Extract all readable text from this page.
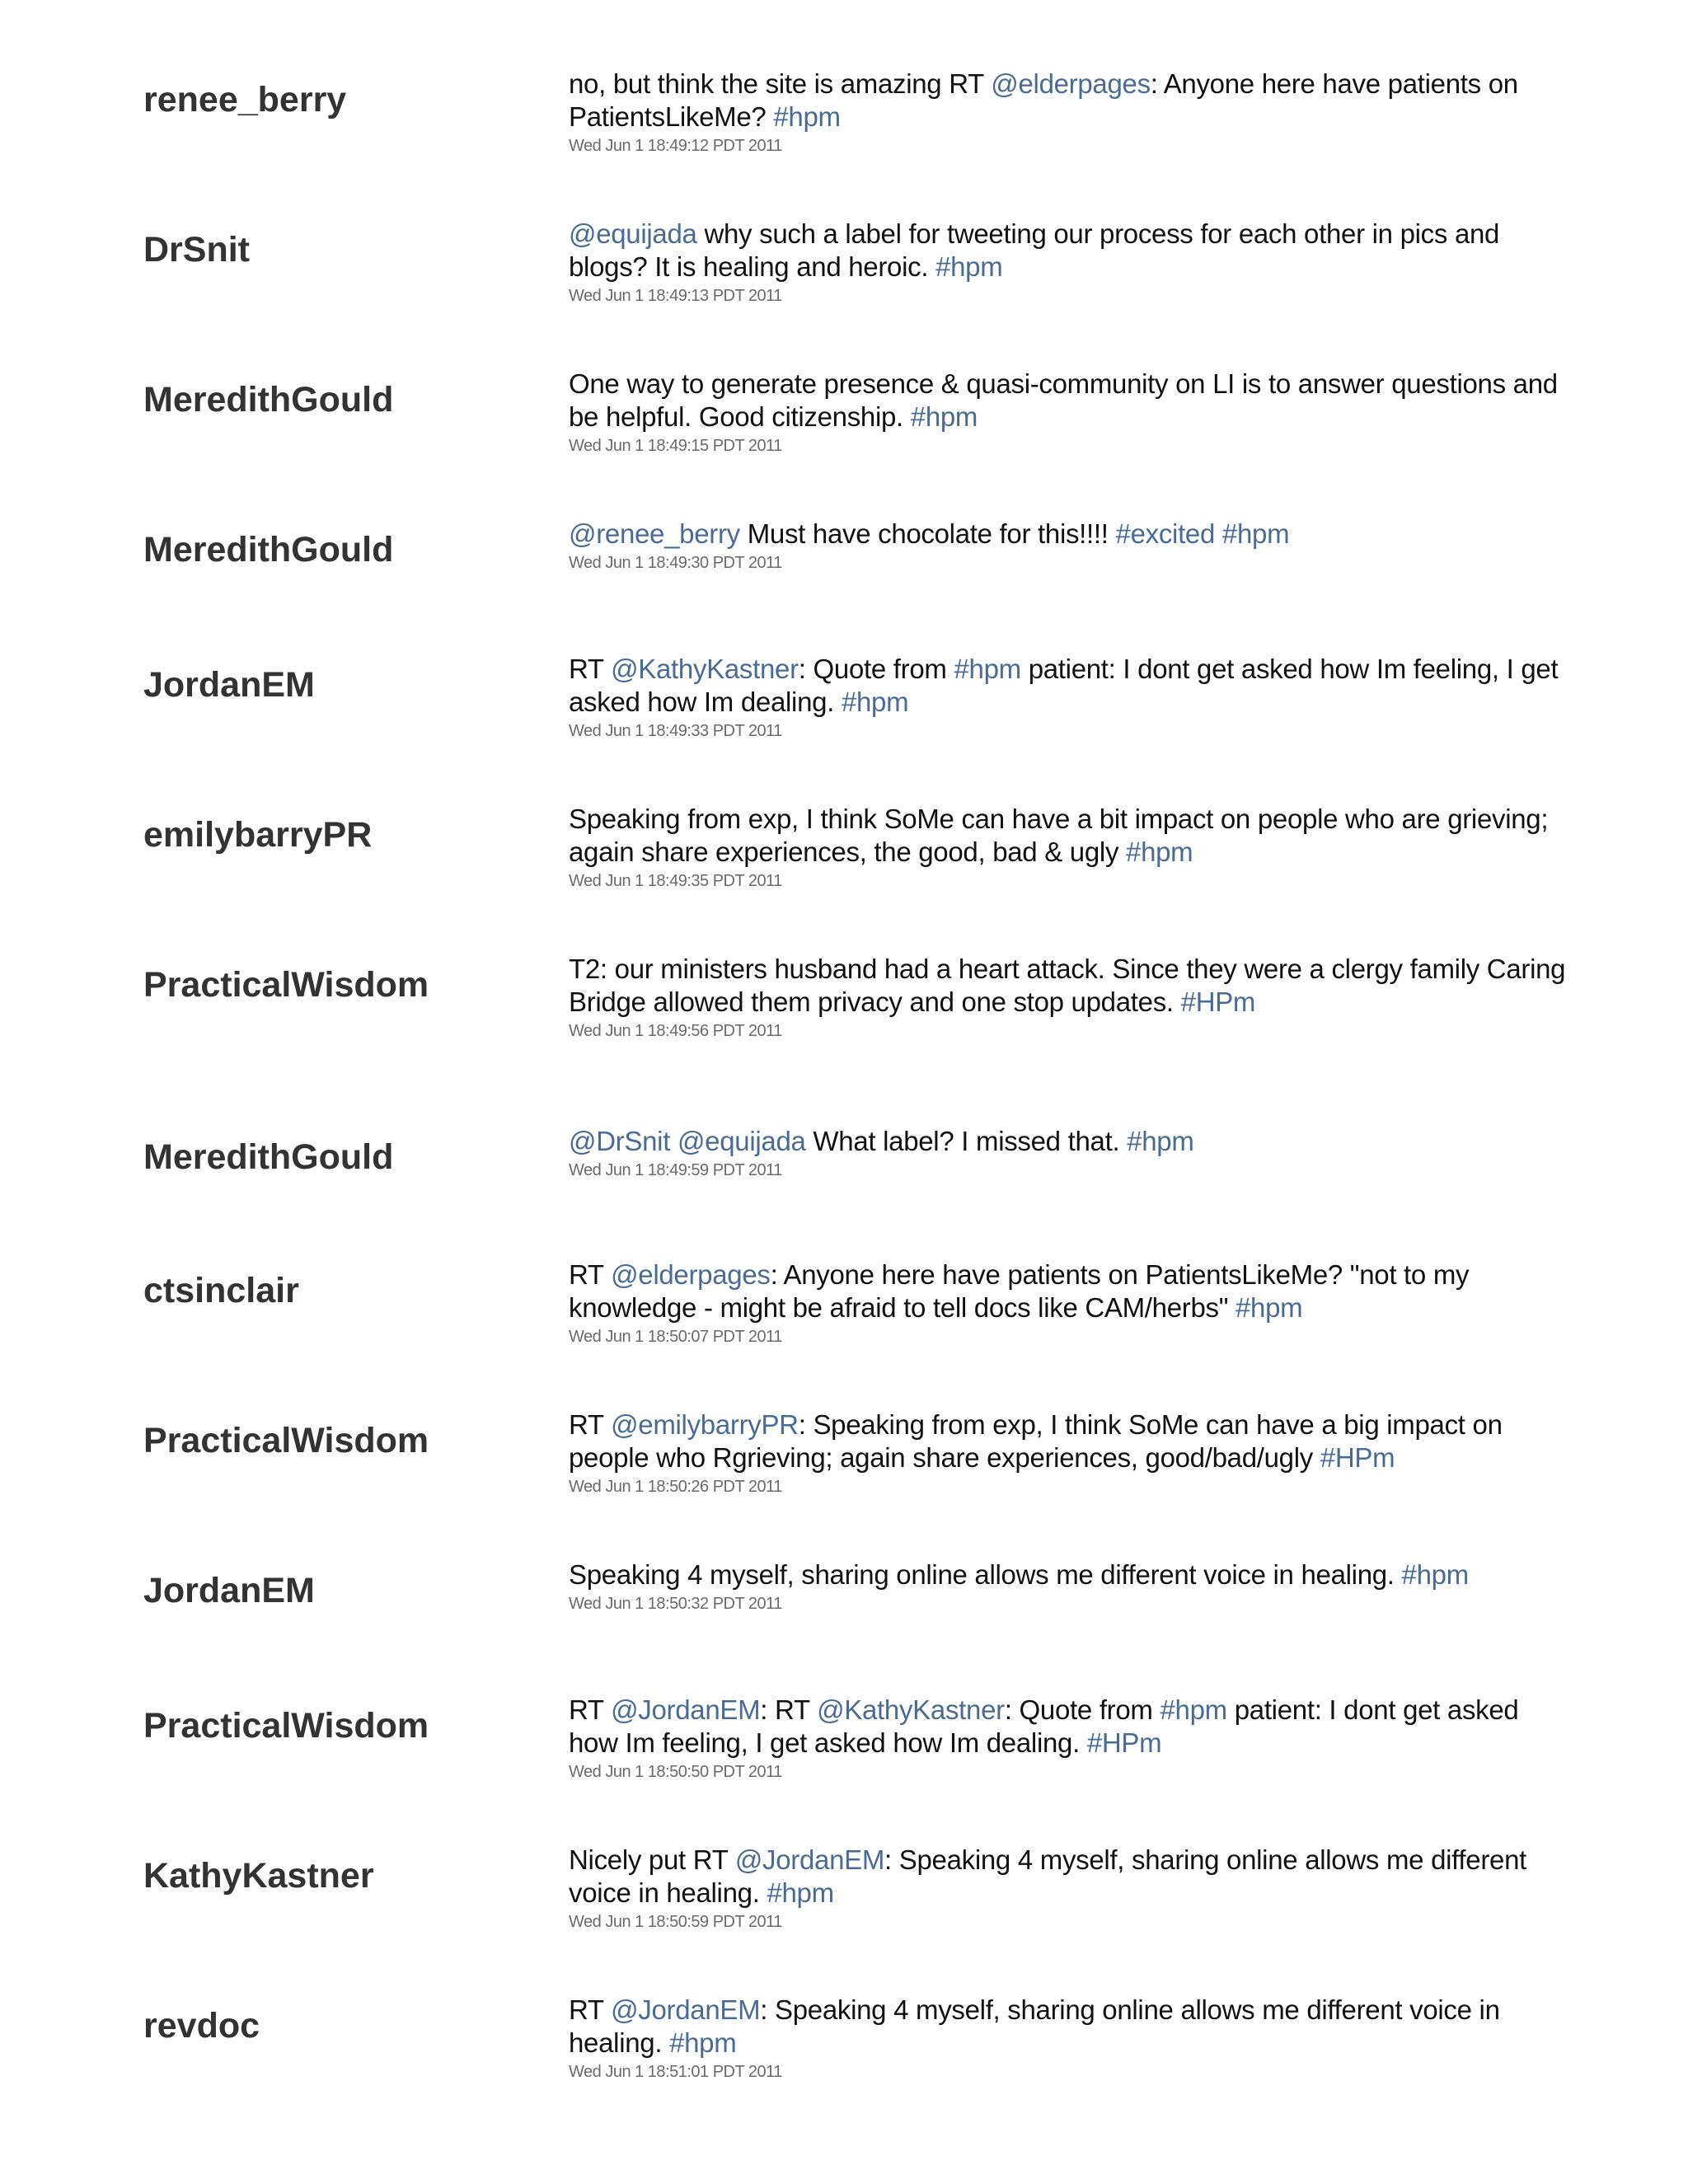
renee_berry	no, but think the site is amazing RT @elderpages: Anyone here have patients on PatientsLikeMe? #hpm
Wed Jun 1 18:49:12 PDT 2011
DrSnit	@equijada why such a label for tweeting our process for each other in pics and blogs? It is healing and heroic. #hpm
Wed Jun 1 18:49:13 PDT 2011
MeredithGould	One way to generate presence & quasi-community on LI is to answer questions and be helpful. Good citizenship. #hpm
Wed Jun 1 18:49:15 PDT 2011
MeredithGould	@renee_berry Must have chocolate for this!!!! #excited #hpm
Wed Jun 1 18:49:30 PDT 2011
JordanEM	RT @KathyKastner: Quote from #hpm patient: I dont get asked how Im feeling, I get asked how Im dealing. #hpm
Wed Jun 1 18:49:33 PDT 2011
emilybarryPR	Speaking from exp, I think SoMe can have a bit impact on people who are grieving; again share experiences, the good, bad & ugly #hpm
Wed Jun 1 18:49:35 PDT 2011
PracticalWisdom	T2: our ministers husband had a heart attack. Since they were a clergy family Caring Bridge allowed them privacy and one stop updates. #HPm
Wed Jun 1 18:49:56 PDT 2011
MeredithGould	@DrSnit @equijada What label? I missed that. #hpm
Wed Jun 1 18:49:59 PDT 2011
ctsinclair	RT @elderpages: Anyone here have patients on PatientsLikeMe? "not to my knowledge - might be afraid to tell docs like CAM/herbs" #hpm
Wed Jun 1 18:50:07 PDT 2011
PracticalWisdom	RT @emilybarryPR: Speaking from exp, I think SoMe can have a big impact on people who Rgrieving; again share experiences, good/bad/ugly #HPm
Wed Jun 1 18:50:26 PDT 2011
JordanEM	Speaking 4 myself, sharing online allows me different voice in healing. #hpm
Wed Jun 1 18:50:32 PDT 2011
PracticalWisdom	RT @JordanEM: RT @KathyKastner: Quote from #hpm patient: I dont get asked how Im feeling, I get asked how Im dealing. #HPm
Wed Jun 1 18:50:50 PDT 2011
KathyKastner	Nicely put RT @JordanEM: Speaking 4 myself, sharing online allows me different voice in healing. #hpm
Wed Jun 1 18:50:59 PDT 2011
revdoc	RT @JordanEM: Speaking 4 myself, sharing online allows me different voice in healing. #hpm
Wed Jun 1 18:51:01 PDT 2011
